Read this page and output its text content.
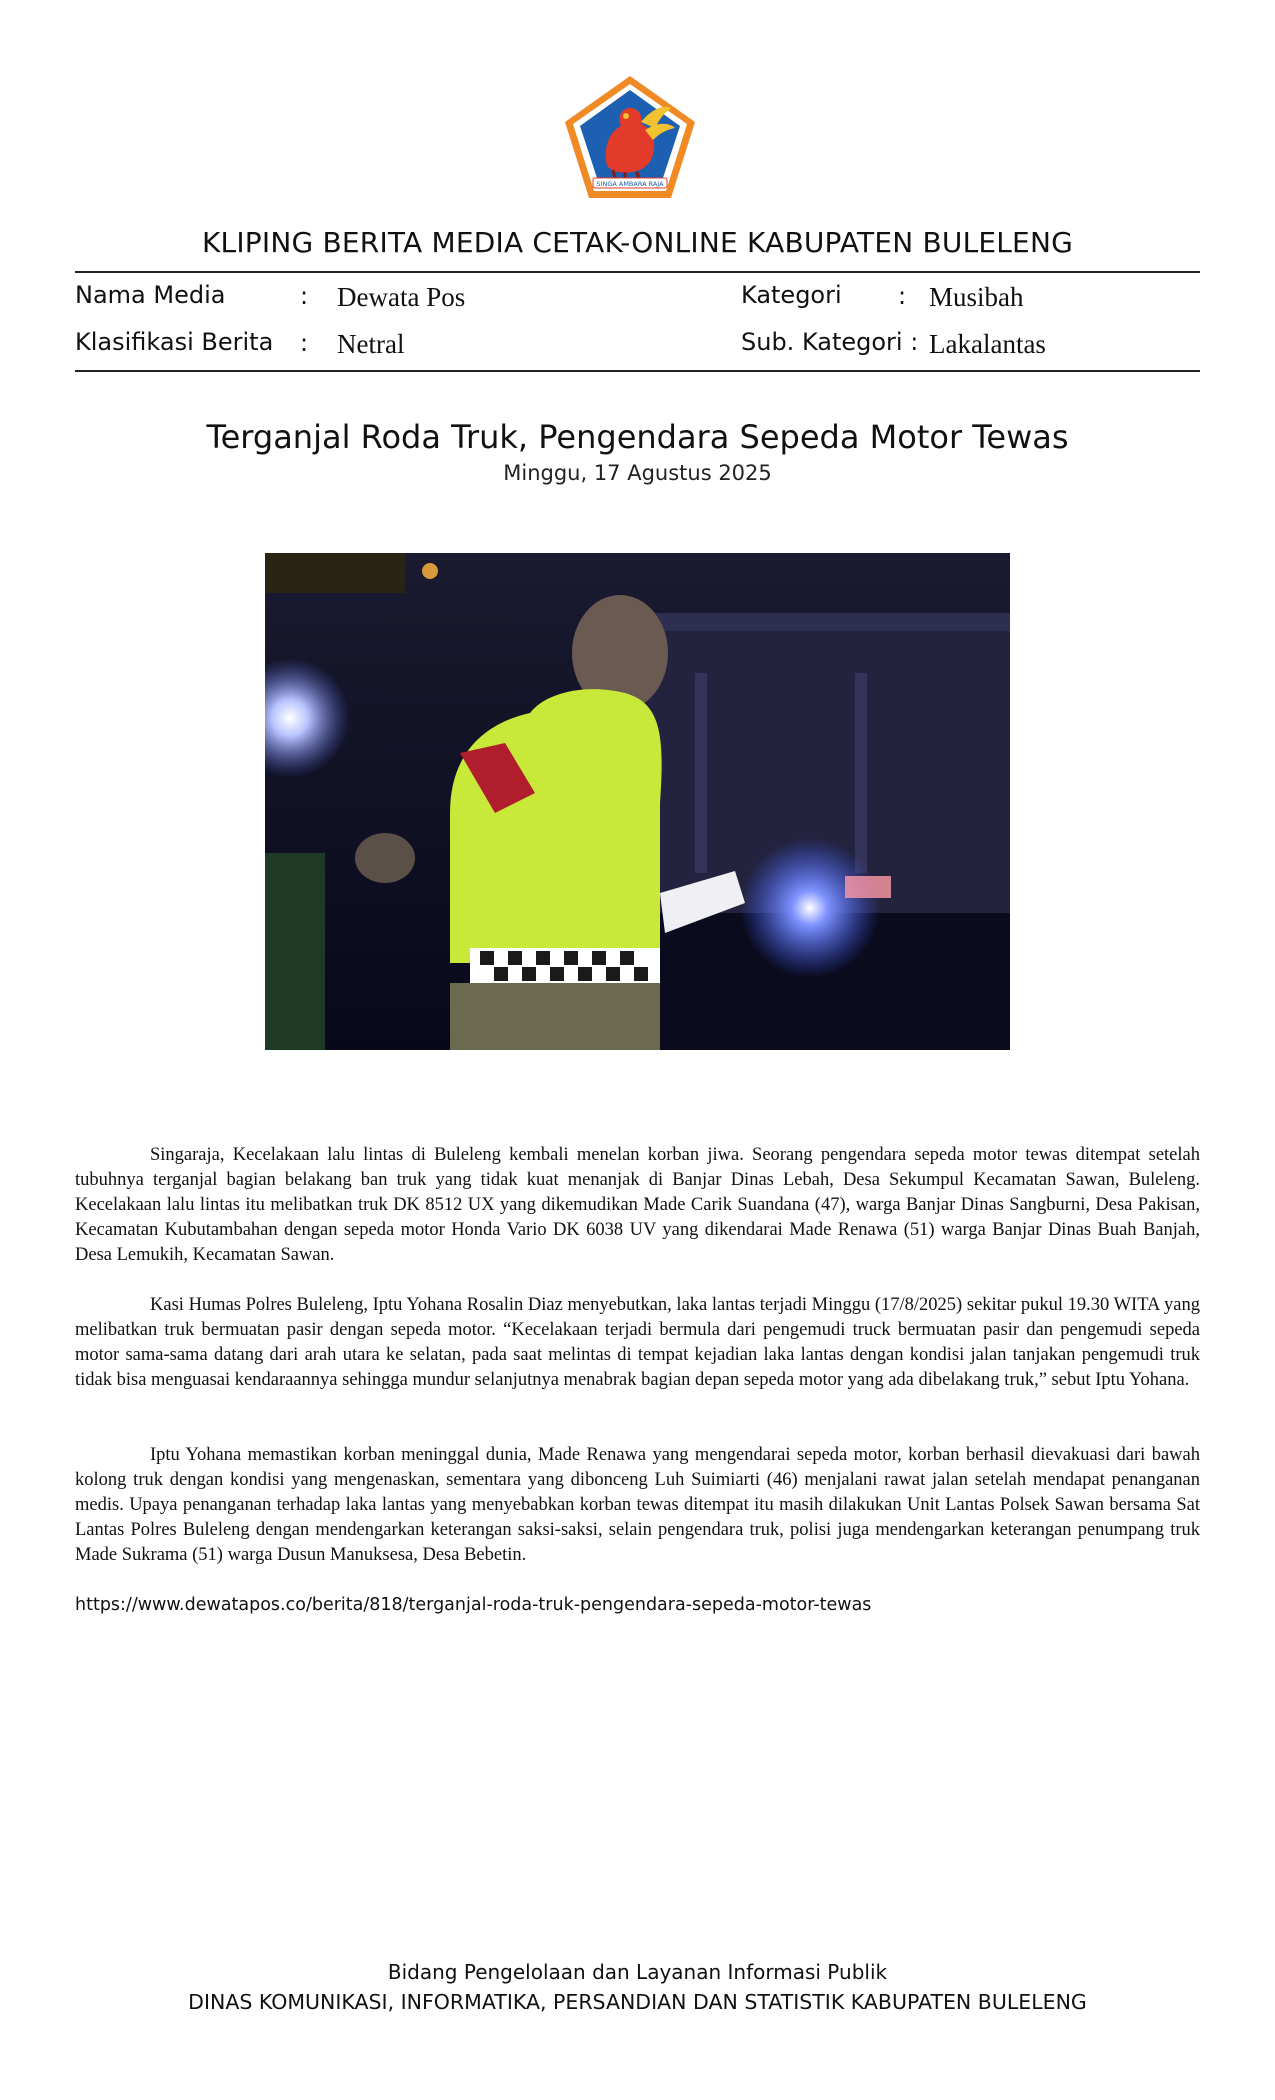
SINGA AMBARA RAJA
KLIPING BERITA MEDIA CETAK-ONLINE KABUPATEN BULELENG
Nama Media	: Dewata Pos
Klasifikasi Berita : Netral
Kategori : Musibah
Sub. Kategori : Lakalantas
Terganjal Roda Truk, Pengendara Sepeda Motor Tewas
Minggu, 17 Agustus 2025

Singaraja, Kecelakaan lalu lintas di Buleleng kembali menelan korban jiwa. Seorang pengendara sepeda motor tewas ditempat setelah tubuhnya terganjal bagian belakang ban truk yang tidak kuat menanjak di Banjar Dinas Lebah, Desa Sekumpul Kecamatan Sawan, Buleleng. Kecelakaan lalu lintas itu melibatkan truk DK 8512 UX yang dikemudikan Made Carik Suandana (47), warga Banjar Dinas Sangburni, Desa Pakisan, Kecamatan Kubutambahan dengan sepeda motor Honda Vario DK 6038 UV yang dikendarai Made Renawa (51) warga Banjar Dinas Buah Banjah, Desa Lemukih, Kecamatan Sawan.

Kasi Humas Polres Buleleng, Iptu Yohana Rosalin Diaz menyebutkan, laka lantas terjadi Minggu (17/8/2025) sekitar pukul 19.30 WITA yang melibatkan truk bermuatan pasir dengan sepeda motor. “Kecelakaan terjadi bermula dari pengemudi truck bermuatan pasir dan pengemudi sepeda motor sama-sama datang dari arah utara ke selatan, pada saat melintas di tempat kejadian laka lantas dengan kondisi jalan tanjakan pengemudi truk tidak bisa menguasai kendaraannya sehingga mundur selanjutnya menabrak bagian depan sepeda motor yang ada dibelakang truk,” sebut Iptu Yohana.

Iptu Yohana memastikan korban meninggal dunia, Made Renawa yang mengendarai sepeda motor, korban berhasil dievakuasi dari bawah kolong truk dengan kondisi yang mengenaskan, sementara yang dibonceng Luh Suimiarti (46) menjalani rawat jalan setelah mendapat penanganan medis. Upaya penanganan terhadap laka lantas yang menyebabkan korban tewas ditempat itu masih dilakukan Unit Lantas Polsek Sawan bersama Sat Lantas Polres Buleleng dengan mendengarkan keterangan saksi-saksi, selain pengendara truk, polisi juga mendengarkan keterangan penumpang truk Made Sukrama (51) warga Dusun Manuksesa, Desa Bebetin.

https://www.dewatapos.co/berita/818/terganjal-roda-truk-pengendara-sepeda-motor-tewas
Bidang Pengelolaan dan Layanan Informasi Publik
DINAS KOMUNIKASI, INFORMATIKA, PERSANDIAN DAN STATISTIK KABUPATEN BULELENG
